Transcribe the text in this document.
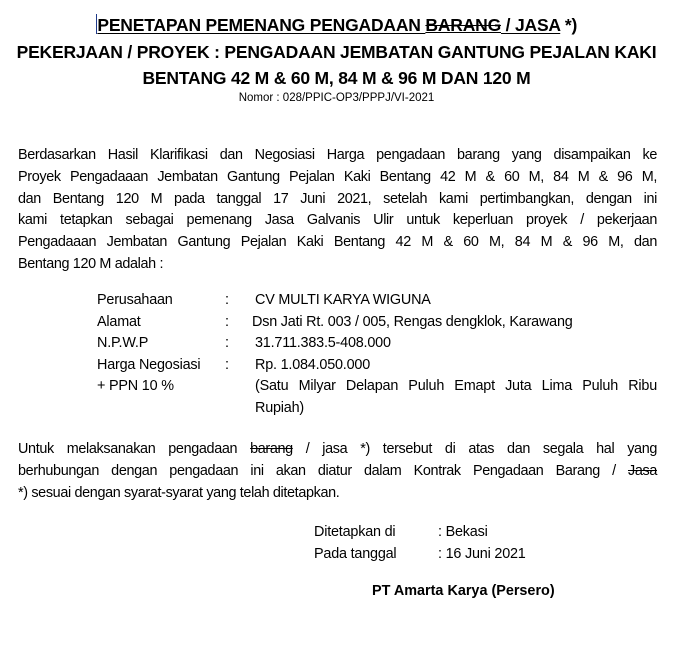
PENETAPAN PEMENANG PENGADAAN BARANG / JASA *)
PEKERJAAN / PROYEK : PENGADAAN JEMBATAN GANTUNG PEJALAN KAKI
BENTANG 42 M & 60 M, 84 M & 96 M DAN 120 M
Nomor : 028/PPIC-OP3/PPPJ/VI-2021
Berdasarkan Hasil Klarifikasi dan Negosiasi Harga pengadaan barang yang disampaikan ke
Proyek Pengadaaan Jembatan Gantung Pejalan Kaki Bentang 42 M & 60 M, 84 M & 96 M,
dan Bentang 120 M pada tanggal 17 Juni 2021, setelah kami pertimbangkan, dengan ini
kami tetapkan sebagai pemenang Jasa Galvanis Ulir untuk keperluan proyek / pekerjaan
Pengadaaan Jembatan Gantung Pejalan Kaki Bentang 42 M & 60 M, 84 M & 96 M, dan
Bentang 120 M adalah :
Perusahaan	: CV MULTI KARYA WIGUNA
Alamat	: Dsn Jati Rt. 003 / 005, Rengas dengklok, Karawang
N.P.W.P	: 31.711.383.5-408.000
Harga Negosiasi : Rp. 1.084.050.000
+ PPN 10 %	(Satu Milyar Delapan Puluh Emapt Juta Lima Puluh Ribu Rupiah)
Untuk melaksanakan pengadaan barang / jasa *) tersebut di atas dan segala hal yang
berhubungan dengan pengadaan ini akan diatur dalam Kontrak Pengadaan Barang / Jasa
*) sesuai dengan syarat-syarat yang telah ditetapkan.
Ditetapkan di	: Bekasi
Pada tanggal	: 16 Juni 2021
PT Amarta Karya (Persero)
